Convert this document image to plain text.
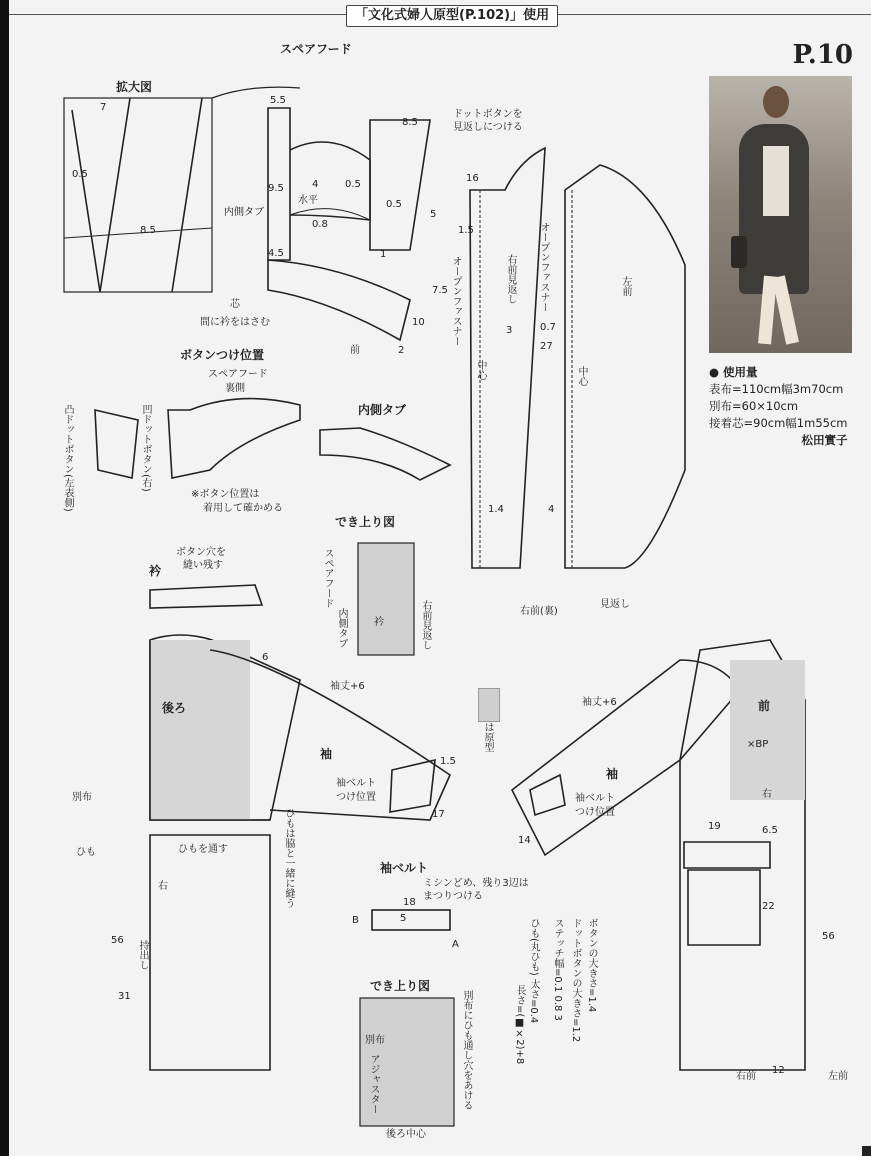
「文化式婦人原型(P.102)」使用
P.10
● 使用量
表布=110cm幅3m70cm
別布=60×10cm
接着芯=90cm幅1m55cm
松田實子
スペアフード
拡大図
ドットボタンを
見返しにつける
内側タブ
間に衿をはさむ
水平
前
ボタンつけ位置
スペアフード
裏側
※ボタン位置は
着用して確かめる
凸ドットボタン(左表側)	凹ドットボタン(右)	内側タブ
オープンファスナー
オープンファスナー	右前見返し
中心	中心
左前
右前(裏)
見返し
でき上り図
スペアフード
内側タブ	衿	右前見返し
衿
ボタン穴を
縫い残す
後ろ
袖
袖
袖丈+6
袖丈+6
袖ベルト
つけ位置	袖ベルト
つけ位置
ひもを通す	ひもは脇と一緒に縫う
別布
ひも
右
持出し
は原型
袖ベルト
ミシンどめ、残り3辺は
まつりつける
B
A
前
×BP
右
でき上り図
別布
アジャスター
後ろ中心
別布にひも通し穴をあける
ボタンの大きさ=1.4
ドットボタンの大きさ=1.2
ステッチ幅=0.1 0.8 3
ひも(丸ひも) 太さ=0.4
長さ=(■×2)+8
右前	左前
芯
7
0.5
8.5
5.5
9.5	4	0.5
0.8
4.5	1
8.5
0.5
5
7.5
10
2
16
1.5
3
1.4
0.7
27
4
6
1.5
17
14
19	6.5
22
56
31
56
12
18
5
